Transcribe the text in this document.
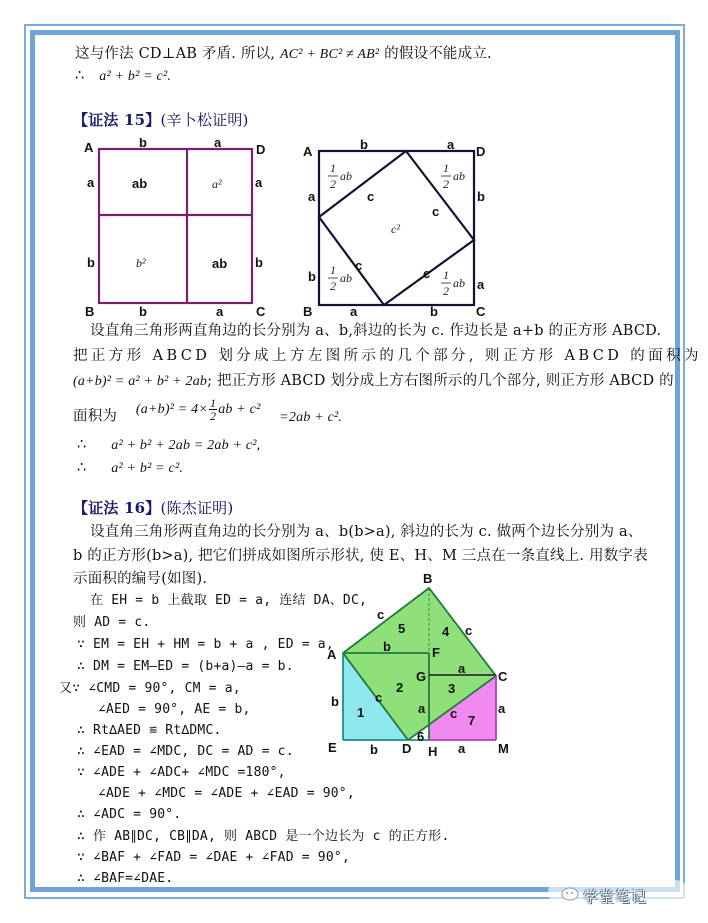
这与作法 CD⊥AB 矛盾. 所以, AC² + BC² ≠ AB² 的假设不能成立.
∴ a² + b² = c².
【证法 15】(辛卜松证明)
A	D
B	C
b	a
b	a
a
b
a
b
ab	a²
b²	ab
A	D
B	C
b	a
a	b
a
b
b
a
c
c
c
c
c²
1
2
ab
1
2
ab
1
2
ab	1
2
ab
设直角三角形两直角边的长分别为 a、b,斜边的长为 c. 作边长是 a+b 的正方形 ABCD.
把正方形 ABCD 划分成上方左图所示的几个部分, 则正方形 ABCD 的面积为
(a+b)² = a² + b² + 2ab; 把正方形 ABCD 划分成上方右图所示的几个部分, 则正方形 ABCD 的
面积为 $(a+b)^2 = 4\times \frac{1}{2}$ ab + c² =2ab + c².
∴ a² + b² + 2ab = 2ab + c²,
∴ a² + b² = c².
【证法 16】(陈杰证明)
设直角三角形两直角边的长分别为 a、b(b>a), 斜边的长为 c. 做两个边长分别为 a、
b 的正方形(b>a), 把它们拼成如图所示形状, 使 E、H、M 三点在一条直线上. 用数字表
示面积的编号(如图).
在 EH = b 上截取 ED = a, 连结 DA、DC,
则 AD = c.
∵ EM = EH + HM = b + a , ED = a,
∴ DM = EM—ED = (b+a)—a = b.
又∵ ∠CMD = 90°, CM = a,
∠AED = 90°, AE = b,
∴ Rt∆AED ≌ Rt∆DMC.
∴ ∠EAD = ∠MDC, DC = AD = c.
∵ ∠ADE + ∠ADC+ ∠MDC =180°,
∠ADE + ∠MDC = ∠ADE + ∠EAD = 90°,
∴ ∠ADC = 90°.
∴ 作 AB∥DC, CB∥DA, 则 ABCD 是一个边长为 c 的正方形.
∵ ∠BAF + ∠FAD = ∠DAE + ∠FAD = 90°,
∴ ∠BAF=∠DAE.
B
A	F
G	C
E	D H	M
1
2	3
4
5
6
7
c
c
b
a
b
b
a
c
c	a
a
学堂笔记
